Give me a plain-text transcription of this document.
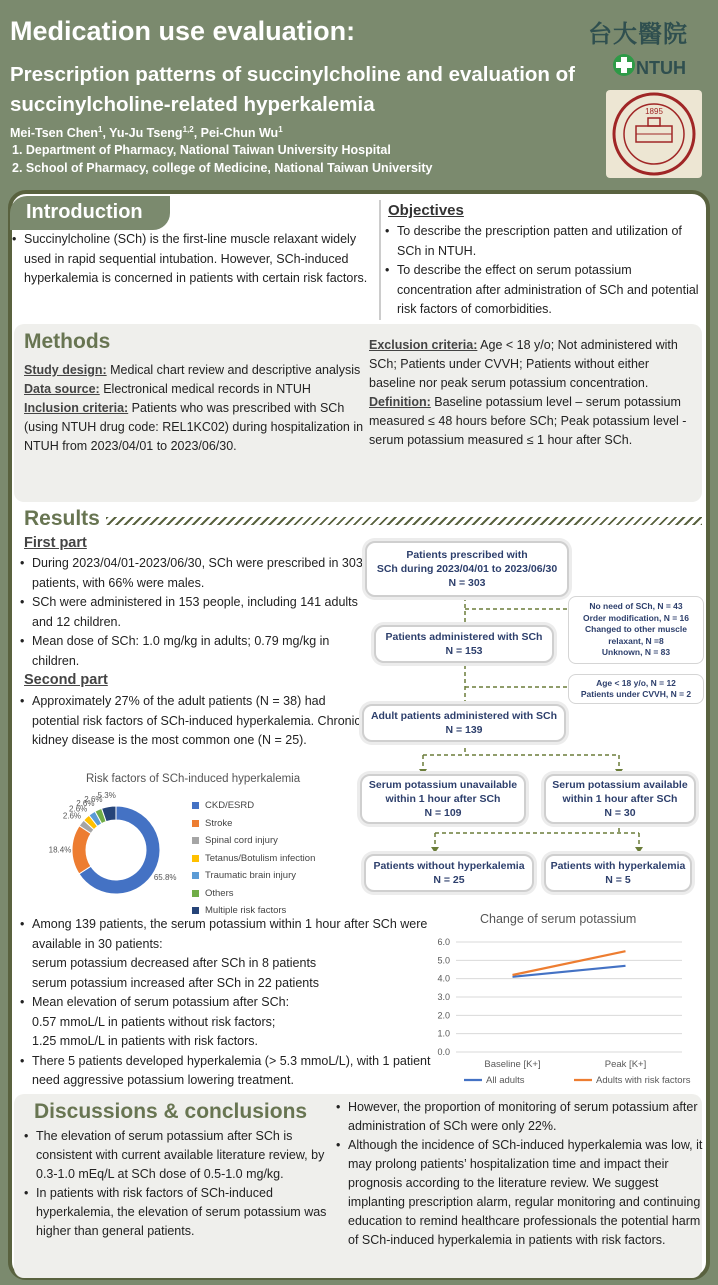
Medication use evaluation:
Prescription patterns of succinylcholine and evaluation of succinylcholine-related hyperkalemia
Mei-Tsen Chen$^1$, Yu-Ju Tseng$^{1,2}$, Pei-Chun Wu$^1$
1. Department of Pharmacy, National Taiwan University Hospital
2. School of Pharmacy, college of Medicine, National Taiwan University
NTUH
台大醫院
1895
Introduction
• Succinylcholine (SCh) is the first-line muscle relaxant widely used in rapid sequential intubation. However, SCh-induced hyperkalemia is concerned in patients with certain risk factors.
Objectives
• To describe the prescription patten and utilization of SCh in NTUH.
• To describe the effect on serum potassium concentration after administration of SCh and potential risk factors of comorbidities.
Methods
Study design: Medical chart review and descriptive analysis
Data source: Electronical medical records in NTUH
Inclusion criteria: Patients who was prescribed with SCh (using NTUH drug code: REL1KC02) during hospitalization in NTUH from 2023/04/01 to 2023/06/30.
Exclusion criteria: Age < 18 y/o; Not administered with SCh; Patients under CVVH; Patients without either baseline nor peak serum potassium concentration.
Definition: Baseline potassium level – serum potassium measured ≤ 48 hours before SCh; Peak potassium level - serum potassium measured ≤ 1 hour after SCh.
Results
First part
• During 2023/04/01-2023/06/30, SCh were prescribed in 303 patients, with 66% were males.
• SCh were administered in 153 people, including 141 adults and 12 children.
• Mean dose of SCh: 1.0 mg/kg in adults; 0.79 mg/kg in children.
Second part
• Approximately 27% of the adult patients (N = 38) had potential risk factors of SCh-induced hyperkalemia. Chronic kidney disease is the most common one (N = 25).
Patients prescribed with
SCh during 2023/04/01 to 2023/06/30
N = 303
No need of SCh, N = 43
Order modification, N = 16
Changed to other muscle
relaxant, N =8
Unknown, N = 83
Patients administered with SCh
N = 153
Age < 18 y/o, N = 12
Patients under CVVH, N = 2
Adult patients administered with SCh
N = 139
Serum potassium unavailable
within 1 hour after SCh
N = 109
Serum potassium available
within 1 hour after SCh
N = 30
Patients without hyperkalemia
N = 25
Patients with hyperkalemia
N = 5
Risk factors of SCh-induced hyperkalemia
65.8%
18.4%
2.6%
2.6%
2.6%
2.6%
5.3%
CKD/ESRD
Stroke
Spinal cord injury
Tetanus/Botulism infection
Traumatic brain injury
Others
Multiple risk factors
• Among 139 patients, the serum potassium within 1 hour after SCh were available in 30 patients:
serum potassium decreased after SCh in 8 patients
serum potassium increased after SCh in 22 patients
• Mean elevation of serum potassium after SCh:
0.57 mmoL/L in patients without risk factors;
1.25 mmoL/L in patients with risk factors.
• There 5 patients developed hyperkalemia (> 5.3 mmoL/L), with 1 patient need aggressive potassium lowering treatment.
Change of serum potassium
0.0
1.0
2.0
3.0
4.0
5.0
6.0
Baseline [K+]	Peak [K+]
All adults	Adults with risk factors
Discussions & conclusions
• The elevation of serum potassium after SCh is consistent with current available literature review, by 0.3-1.0 mEq/L at SCh dose of 0.5-1.0 mg/kg.
• In patients with risk factors of SCh-induced hyperkalemia, the elevation of serum potassium was higher than general patients.
• However, the proportion of monitoring of serum potassium after administration of SCh were only 22%.
• Although the incidence of SCh-induced hyperkalemia was low, it may prolong patients’ hospitalization time and impact their prognosis according to the literature review. We suggest implanting prescription alarm, regular monitoring and continuing education to remind healthcare professionals the potential harm of SCh-induced hyperkalemia in patients with risk factors.
